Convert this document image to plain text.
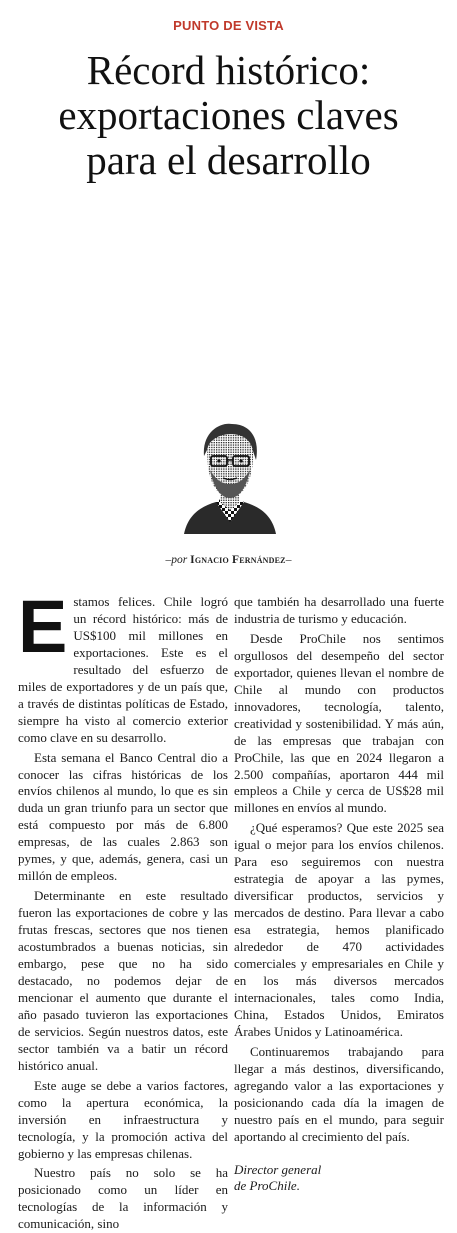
PUNTO DE VISTA
Récord histórico:
exportaciones claves
para el desarrollo
–por Ignacio Fernández–

Estamos felices. Chile logró un récord histórico: más de US$100 mil millones en exportaciones. Este es el resultado del esfuerzo de miles de exportadores y de un país que, a través de distintas políticas de Estado, siempre ha visto al comercio exterior como clave en su desarrollo.

Esta semana el Banco Central dio a conocer las cifras históricas de los envíos chilenos al mundo, lo que es sin duda un gran triunfo para un sector que está compuesto por más de 6.800 empresas, de las cuales 2.863 son pymes, y que, además, genera, casi un millón de empleos.

Determinante en este resultado fueron las exportaciones de cobre y las frutas frescas, sectores que nos tienen acostumbrados a buenas noticias, sin embargo, pese que no ha sido destacado, no podemos dejar de mencionar el aumento que durante el año pasado tuvieron las exportaciones de servicios. Según nuestros datos, este sector también va a batir un récord histórico anual.

Este auge se debe a varios factores, como la apertura económica, la inversión en infraestructura y tecnología, y la promoción activa del gobierno y las empresas chilenas.

Nuestro país no solo se ha posicionado como un líder en tecnologías de la información y comunicación, sino

que también ha desarrollado una fuerte industria de turismo y educación.

Desde ProChile nos sentimos orgullosos del desempeño del sector exportador, quienes llevan el nombre de Chile al mundo con productos innovadores, tecnología, talento, creatividad y sostenibilidad. Y más aún, de las empresas que trabajan con ProChile, las que en 2024 llegaron a 2.500 compañías, aportaron 444 mil empleos a Chile y cerca de US$28 mil millones en envíos al mundo.

¿Qué esperamos? Que este 2025 sea igual o mejor para los envíos chilenos. Para eso seguiremos con nuestra estrategia de apoyar a las pymes, diversificar productos, servicios y mercados de destino. Para llevar a cabo esa estrategia, hemos planificado alrededor de 470 actividades comerciales y empresariales en Chile y en los más diversos mercados internacionales, tales como India, China, Estados Unidos, Emiratos Árabes Unidos y Latinoamérica.

Continuaremos trabajando para llegar a más destinos, diversificando, agregando valor a las exportaciones y posicionando cada día la imagen de nuestro país en el mundo, para seguir aportando al crecimiento del país.

Director general
de ProChile.
